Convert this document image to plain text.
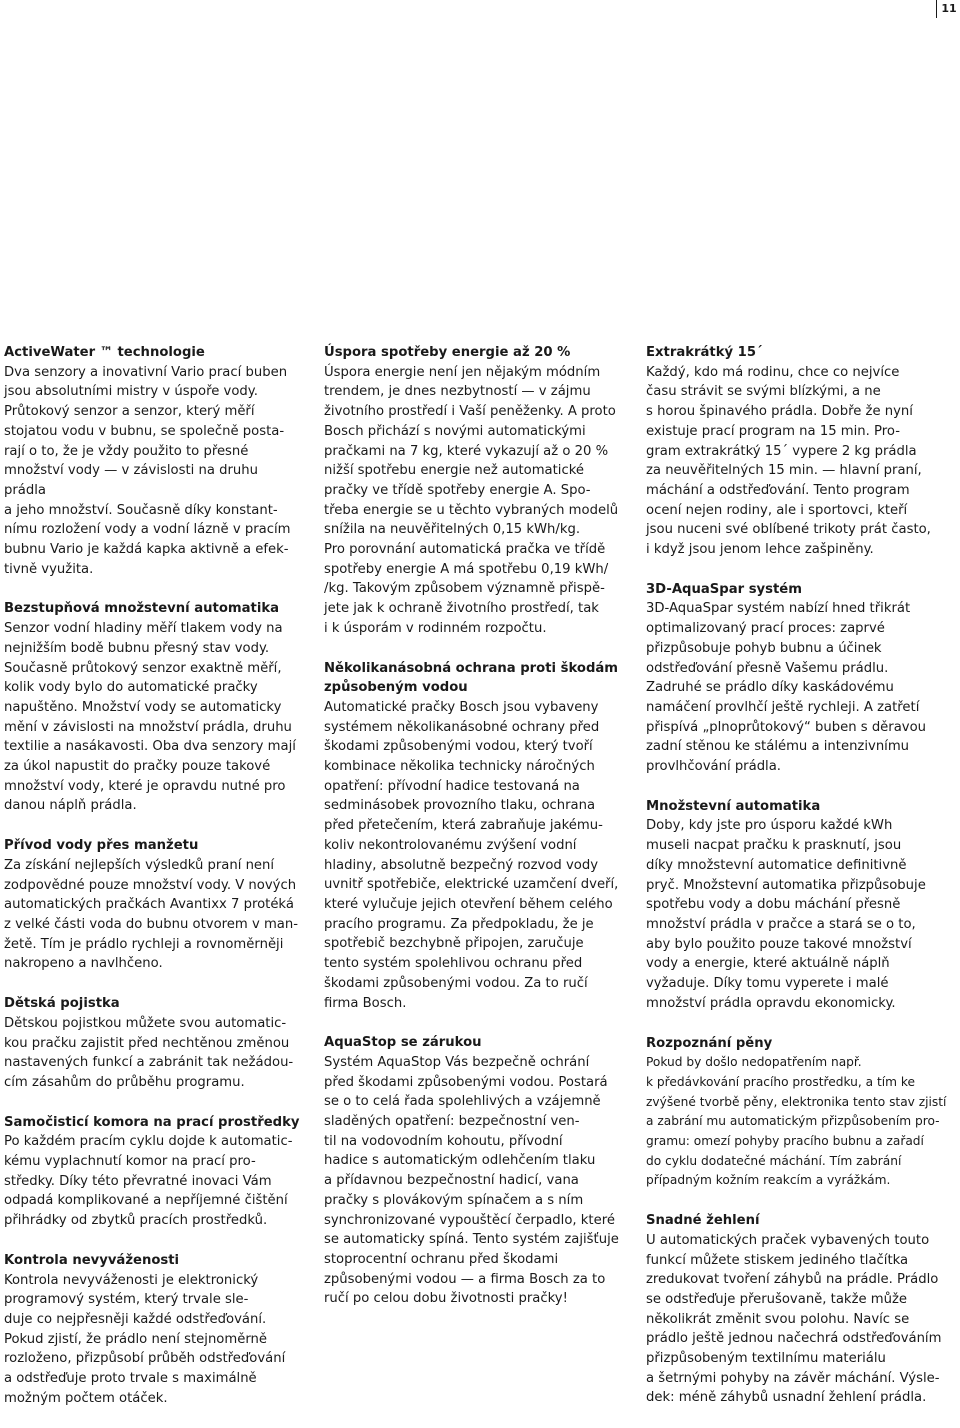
11

ActiveWater ™ technologie

Dva senzory a inovativní Vario prací buben
jsou absolutními mistry v úspoře vody.
Průtokový senzor a senzor, který měří
stojatou vodu v bubnu, se společně posta-
rají o to, že je vždy použito to přesné
množství vody — v závislosti na druhu prádla
a jeho množství. Současně díky konstant-
nímu rozložení vody a vodní lázně v pracím
bubnu Vario je každá kapka aktivně a efek-
tivně využita.

Bezstupňová množstevní automatika

Senzor vodní hladiny měří tlakem vody na
nejnižším bodě bubnu přesný stav vody.
Současně průtokový senzor exaktně měří,
kolik vody bylo do automatické pračky
napuštěno. Množství vody se automaticky
mění v závislosti na množství prádla, druhu
textilie a nasákavosti. Oba dva senzory mají
za úkol napustit do pračky pouze takové
množství vody, které je opravdu nutné pro
danou náplň prádla.

Přívod vody přes manžetu

Za získání nejlepších výsledků praní není
zodpovědné pouze množství vody. V nových
automatických pračkách Avantixx 7 protéká
z velké části voda do bubnu otvorem v man-
žetě. Tím je prádlo rychleji a rovnoměrněji
nakropeno a navlhčeno.

Dětská pojistka

Dětskou pojistkou můžete svou automatic-
kou pračku zajistit před nechtěnou změnou
nastavených funkcí a zabránit tak nežádou-
cím zásahům do průběhu programu.

Samočisticí komora na prací prostředky

Po každém pracím cyklu dojde k automatic-
kému vyplachnutí komor na prací pro-
středky. Díky této převratné inovaci Vám
odpadá komplikované a nepříjemné čištění
přihrádky od zbytků pracích prostředků.

Kontrola nevyváženosti

Kontrola nevyváženosti je elektronický
programový systém, který trvale sle-
duje co nejpřesněji každé odstřeďování.
Pokud zjistí, že prádlo není stejnoměrně
rozloženo, přizpůsobí průběh odstřeďování
a odstřeďuje proto trvale s maximálně
možným počtem otáček.

Úspora spotřeby energie až 20 %

Úspora energie není jen nějakým módním
trendem, je dnes nezbytností — v zájmu
životního prostředí i Vaší peněženky. A proto
Bosch přichází s novými automatickými
pračkami na 7 kg, které vykazují až o 20 %
nižší spotřebu energie než automatické
pračky ve třídě spotřeby energie A. Spo-
třeba energie se u těchto vybraných modelů
snížila na neuvěřitelných 0,15 kWh/kg.
Pro porovnání automatická pračka ve třídě
spotřeby energie A má spotřebu 0,19 kWh/
/kg. Takovým způsobem významně přispě-
jete jak k ochraně životního prostředí, tak
i k úsporám v rodinném rozpočtu.

Několikanásobná ochrana proti škodám
způsobeným vodou

Automatické pračky Bosch jsou vybaveny
systémem několikanásobné ochrany před
škodami způsobenými vodou, který tvoří
kombinace několika technicky náročných
opatření: přívodní hadice testovaná na
sedminásobek provozního tlaku, ochrana
před přetečením, která zabraňuje jakému-
koliv nekontrolovanému zvýšení vodní
hladiny, absolutně bezpečný rozvod vody
uvnitř spotřebiče, elektrické uzamčení dveří,
které vylučuje jejich otevření během celého
pracího programu. Za předpokladu, že je
spotřebič bezchybně připojen, zaručuje
tento systém spolehlivou ochranu před
škodami způsobenými vodou. Za to ručí
firma Bosch.

AquaStop se zárukou

Systém AquaStop Vás bezpečně ochrání
před škodami způsobenými vodou. Postará
se o to celá řada spolehlivých a vzájemně
sladěných opatření: bezpečnostní ven-
til na vodovodním kohoutu, přívodní
hadice s automatickým odlehčením tlaku
a přídavnou bezpečnostní hadicí, vana
pračky s plovákovým spínačem a s ním
synchronizované vypouštěcí čerpadlo, které
se automaticky spíná. Tento systém zajišťuje
stoprocentní ochranu před škodami
způsobenými vodou — a firma Bosch za to
ručí po celou dobu životnosti pračky!

Extrakrátký 15´

Každý, kdo má rodinu, chce co nejvíce
času strávit se svými blízkými, a ne
s horou špinavého prádla. Dobře že nyní
existuje prací program na 15 min. Pro-
gram extrakrátký 15´ vypere 2 kg prádla
za neuvěřitelných 15 min. — hlavní praní,
máchání a odstřeďování. Tento program
ocení nejen rodiny, ale i sportovci, kteří
jsou nuceni své oblíbené trikoty prát často,
i když jsou jenom lehce zašpiněny.

3D-AquaSpar systém

3D-AquaSpar systém nabízí hned třikrát
optimalizovaný prací proces: zaprvé
přizpůsobuje pohyb bubnu a účinek
odstřeďování přesně Vašemu prádlu.
Zadruhé se prádlo díky kaskádovému
namáčení provlhčí ještě rychleji. A zatřetí
přispívá „plnoprůtokový“ buben s děravou
zadní stěnou ke stálému a intenzivnímu
provlhčování prádla.

Množstevní automatika

Doby, kdy jste pro úsporu každé kWh
museli nacpat pračku k prasknutí, jsou
díky množstevní automatice definitivně
pryč. Množstevní automatika přizpůsobuje
spotřebu vody a dobu máchání přesně
množství prádla v pračce a stará se o to,
aby bylo použito pouze takové množství
vody a energie, které aktuálně náplň
vyžaduje. Díky tomu vyperete i malé
množství prádla opravdu ekonomicky.

Rozpoznání pěny

Pokud by došlo nedopatřením např.
k předávkování pracího prostředku, a tím ke
zvýšené tvorbě pěny, elektronika tento stav zjistí
a zabrání mu automatickým přizpůsobením pro-
gramu: omezí pohyby pracího bubnu a zařadí
do cyklu dodatečné máchání. Tím zabrání
případným kožním reakcím a vyrážkám.

Snadné žehlení

U automatických praček vybavených touto
funkcí můžete stiskem jediného tlačítka
zredukovat tvoření záhybů na prádle. Prádlo
se odstřeďuje přerušovaně, takže může
několikrát změnit svou polohu. Navíc se
prádlo ještě jednou načechrá odstřeďováním
přizpůsobeným textilnímu materiálu
a šetrnými pohyby na závěr máchání. Výsle-
dek: méně záhybů usnadní žehlení prádla.
